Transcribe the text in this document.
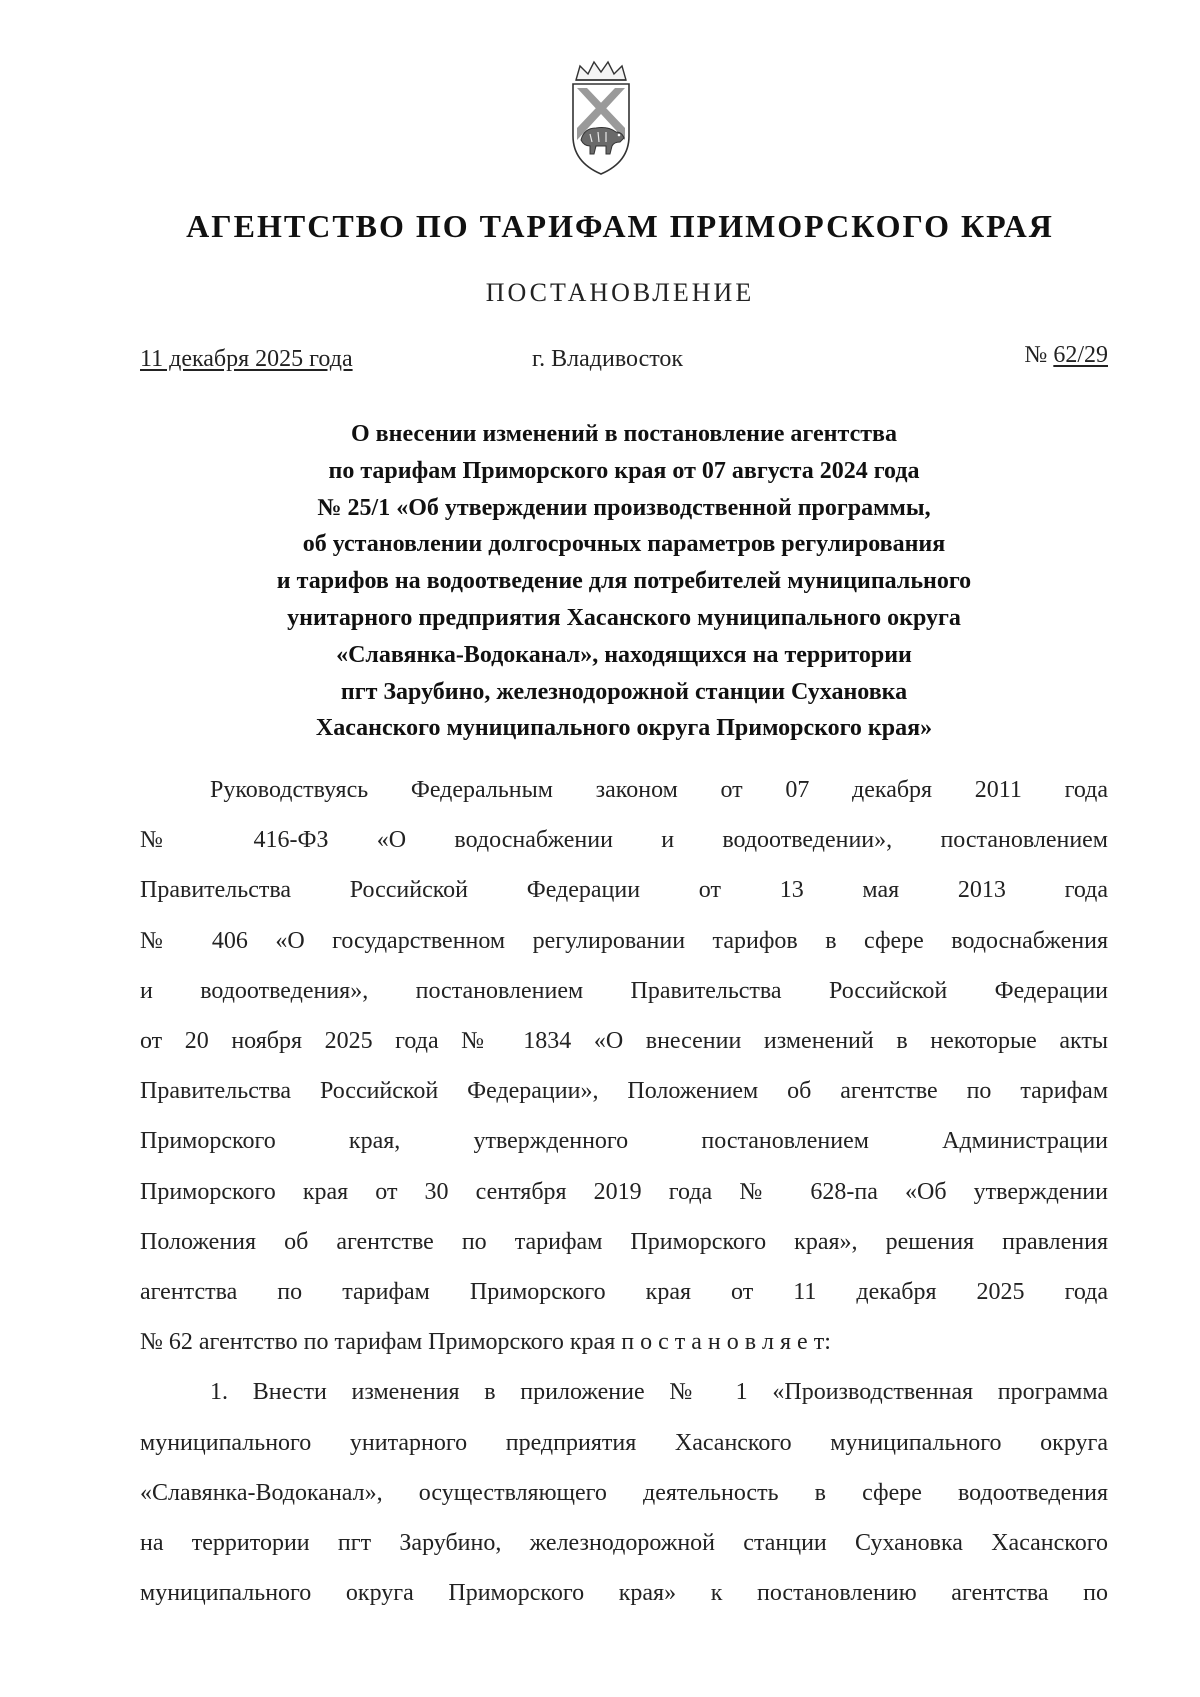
АГЕНТСТВО ПО ТАРИФАМ ПРИМОРСКОГО КРАЯ
ПОСТАНОВЛЕНИЕ
11 декабря 2025 года	г. Владивосток	№ 62/29
О внесении изменений в постановление агентства
по тарифам Приморского края от 07 августа 2024 года
№ 25/1 «Об утверждении производственной программы,
об установлении долгосрочных параметров регулирования
и тарифов на водоотведение для потребителей муниципального
унитарного предприятия Хасанского муниципального округа
«Славянка-Водоканал», находящихся на территории
пгт Зарубино, железнодорожной станции Сухановка
Хасанского муниципального округа Приморского края»
Руководствуясь Федеральным законом от 07 декабря 2011 года
№ 416-ФЗ «О водоснабжении и водоотведении», постановлением
Правительства Российской Федерации от 13 мая 2013 года
№ 406 «О государственном регулировании тарифов в сфере водоснабжения
и водоотведения», постановлением Правительства Российской Федерации
от 20 ноября 2025 года № 1834 «О внесении изменений в некоторые акты
Правительства Российской Федерации», Положением об агентстве по тарифам
Приморского края, утвержденного постановлением Администрации
Приморского края от 30 сентября 2019 года № 628-па «Об утверждении
Положения об агентстве по тарифам Приморского края», решения правления
агентства по тарифам Приморского края от 11 декабря 2025 года
№ 62 агентство по тарифам Приморского края п о с т а н о в л я е т:
1. Внести изменения в приложение № 1 «Производственная программа
муниципального унитарного предприятия Хасанского муниципального округа
«Славянка-Водоканал», осуществляющего деятельность в сфере водоотведения
на территории пгт Зарубино, железнодорожной станции Сухановка Хасанского
муниципального округа Приморского края» к постановлению агентства по
